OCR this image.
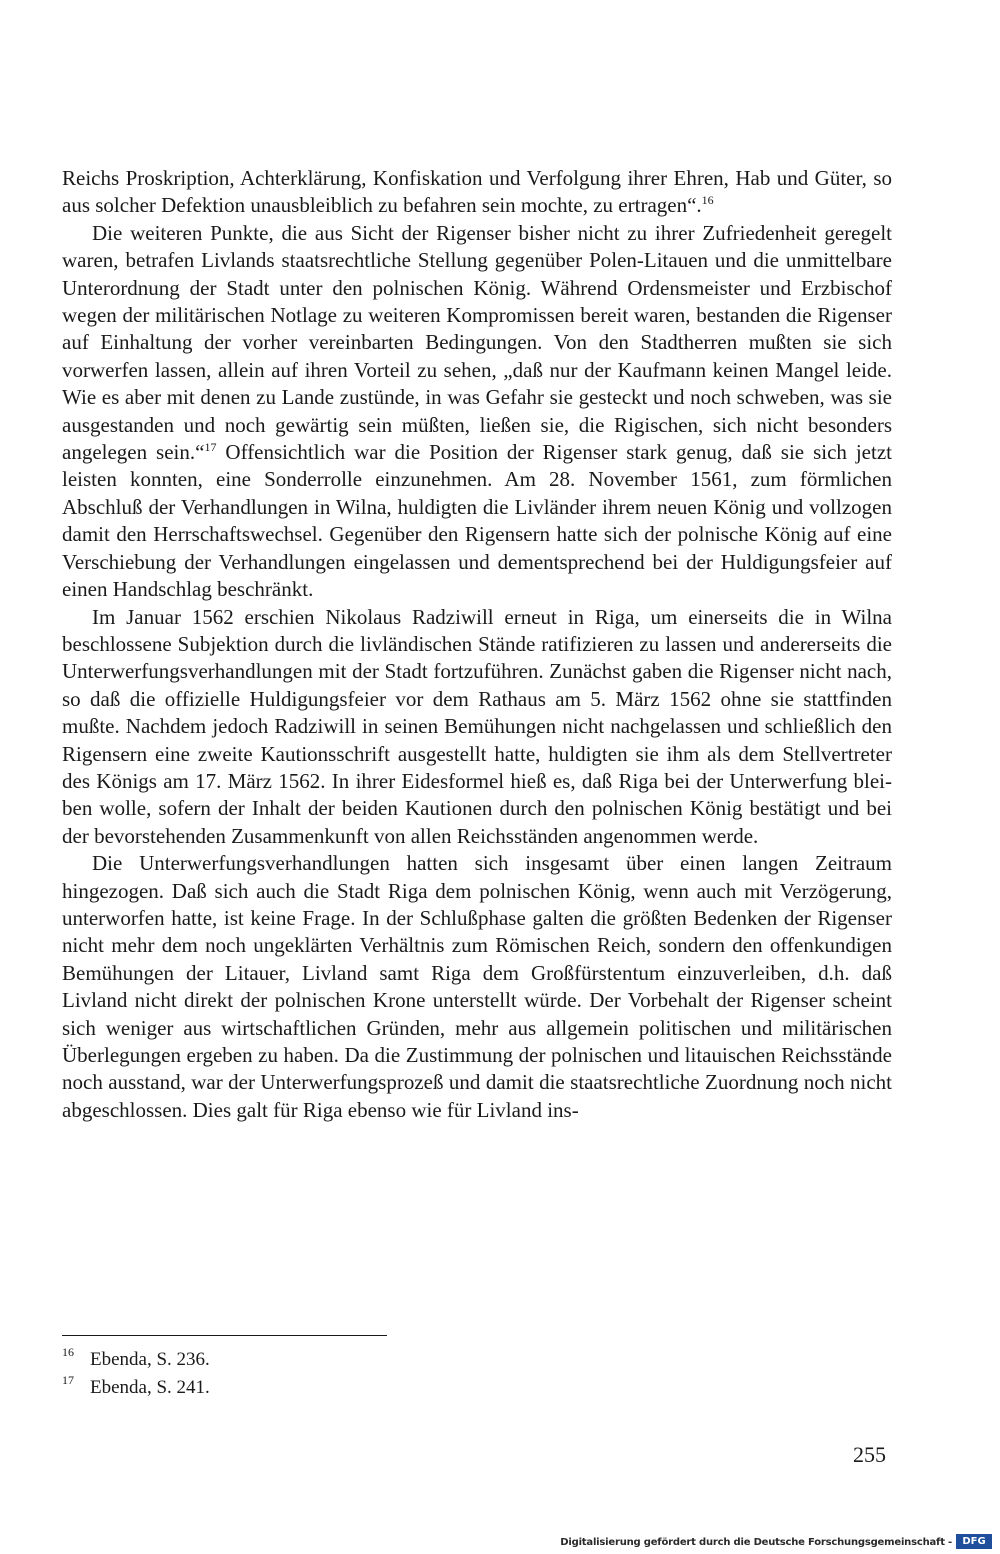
Reichs Proskription, Achterklärung, Konfiskation und Verfolgung ihrer Ehren, Hab und Güter, so aus solcher Defektion unausbleiblich zu befahren sein mochte, zu ertragen“.$^{16}$

Die weiteren Punkte, die aus Sicht der Rigenser bisher nicht zu ihrer Zufriedenheit geregelt waren, betrafen Livlands staatsrechtliche Stellung gegenüber Polen-Litauen und die unmittelbare Unterordnung der Stadt unter den polnischen König. Während Ordensmeister und Erzbischof wegen der militärischen Notlage zu weiteren Kompromissen bereit waren, bestanden die Rigenser auf Einhaltung der vorher vereinbarten Bedingungen. Von den Stadtherren mußten sie sich vorwerfen lassen, allein auf ihren Vorteil zu sehen, „daß nur der Kaufmann keinen Mangel leide. Wie es aber mit denen zu Lande zustünde, in was Gefahr sie gesteckt und noch schweben, was sie ausgestanden und noch gewärtig sein müßten, ließen sie, die Rigischen, sich nicht besonders angelegen sein.“$^{17}$ Offensichtlich war die Position der Rigenser stark genug, daß sie sich jetzt leisten konnten, eine Sonderrolle einzunehmen. Am 28. November 1561, zum förmlichen Abschluß der Verhandlungen in Wilna, huldigten die Livländer ihrem neuen König und vollzogen damit den Herrschaftswechsel. Gegenüber den Rigensern hatte sich der polnische König auf eine Verschiebung der Verhandlungen eingelassen und dementsprechend bei der Huldigungsfeier auf einen Handschlag beschränkt.

Im Januar 1562 erschien Nikolaus Radziwill erneut in Riga, um einerseits die in Wilna beschlossene Subjektion durch die livländischen Stände ratifizieren zu lassen und andererseits die Unterwerfungsverhandlungen mit der Stadt fortzuführen. Zunächst gaben die Rigenser nicht nach, so daß die offizielle Huldigungsfeier vor dem Rathaus am 5. März 1562 ohne sie stattfinden mußte. Nachdem jedoch Radziwill in seinen Bemühungen nicht nachgelassen und schließlich den Rigensern eine zweite Kautionsschrift ausgestellt hatte, huldigten sie ihm als dem Stellvertreter des Königs am 17. März 1562. In ihrer Eidesformel hieß es, daß Riga bei der Unterwerfung bleiben wolle, sofern der Inhalt der beiden Kautionen durch den polnischen König bestätigt und bei der bevorstehenden Zusammenkunft von allen Reichsständen angenommen werde.

Die Unterwerfungsverhandlungen hatten sich insgesamt über einen langen Zeitraum hingezogen. Daß sich auch die Stadt Riga dem polnischen König, wenn auch mit Verzögerung, unterworfen hatte, ist keine Frage. In der Schlußphase galten die größten Bedenken der Rigenser nicht mehr dem noch ungeklärten Verhältnis zum Römischen Reich, sondern den offenkundigen Bemühungen der Litauer, Livland samt Riga dem Großfürstentum einzuverleiben, d.h. daß Livland nicht direkt der polnischen Krone unterstellt würde. Der Vorbehalt der Rigenser scheint sich weniger aus wirtschaftlichen Gründen, mehr aus allgemein politischen und militärischen Überlegungen ergeben zu haben. Da die Zustimmung der polnischen und litauischen Reichsstände noch ausstand, war der Unterwerfungsprozeß und damit die staatsrechtliche Zuordnung noch nicht abgeschlossen. Dies galt für Riga ebenso wie für Livland ins-

16 Ebenda, S. 236.
17 Ebenda, S. 241.
255
Digitalisierung gefördert durch die Deutsche Forschungsgemeinschaft -	DFG
